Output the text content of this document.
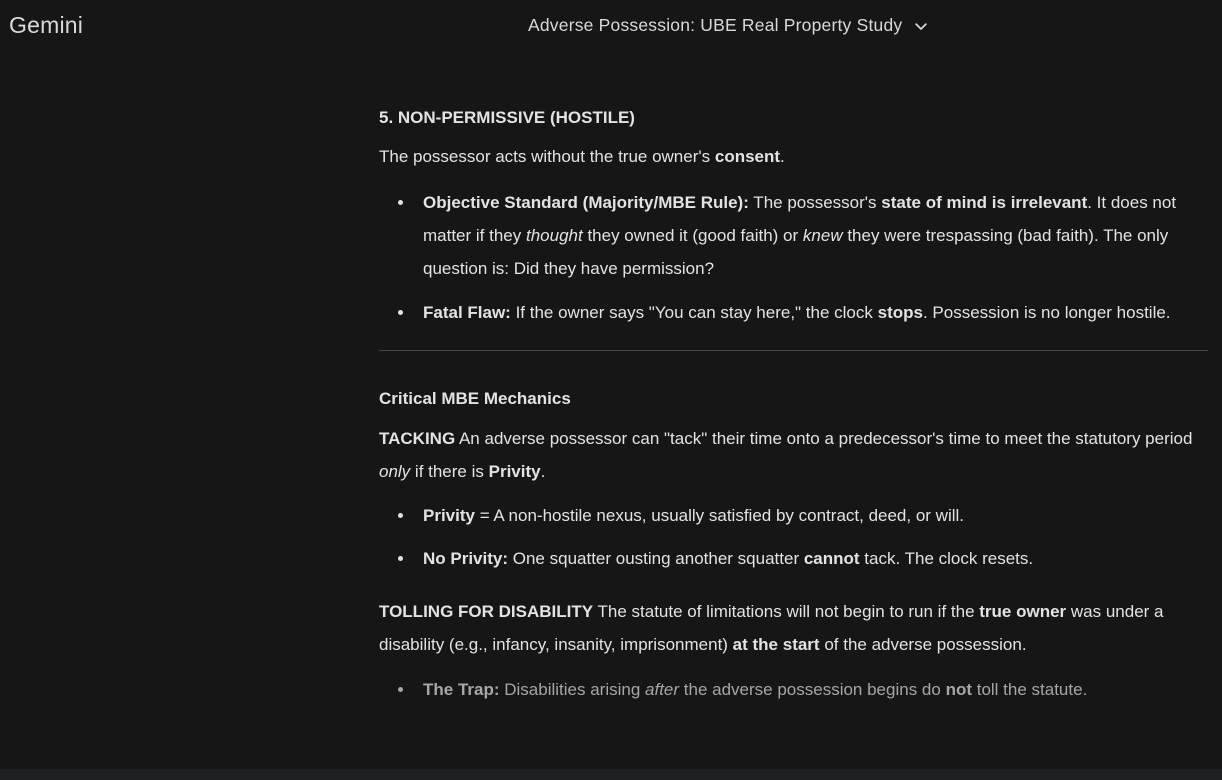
Gemini	Adverse Possession: UBE Real Property Study
5. NON-PERMISSIVE (HOSTILE)
The possessor acts without the true owner's consent.
Objective Standard (Majority/MBE Rule): The possessor's state of mind is irrelevant. It does not matter if they thought they owned it (good faith) or knew they were trespassing (bad faith). The only question is: Did they have permission?
Fatal Flaw: If the owner says "You can stay here," the clock stops. Possession is no longer hostile.
Critical MBE Mechanics
TACKING An adverse possessor can "tack" their time onto a predecessor's time to meet the statutory period only if there is Privity.
Privity = A non-hostile nexus, usually satisfied by contract, deed, or will.
No Privity: One squatter ousting another squatter cannot tack. The clock resets.
TOLLING FOR DISABILITY The statute of limitations will not begin to run if the true owner was under a disability (e.g., infancy, insanity, imprisonment) at the start of the adverse possession.
The Trap: Disabilities arising after the adverse possession begins do not toll the statute.
